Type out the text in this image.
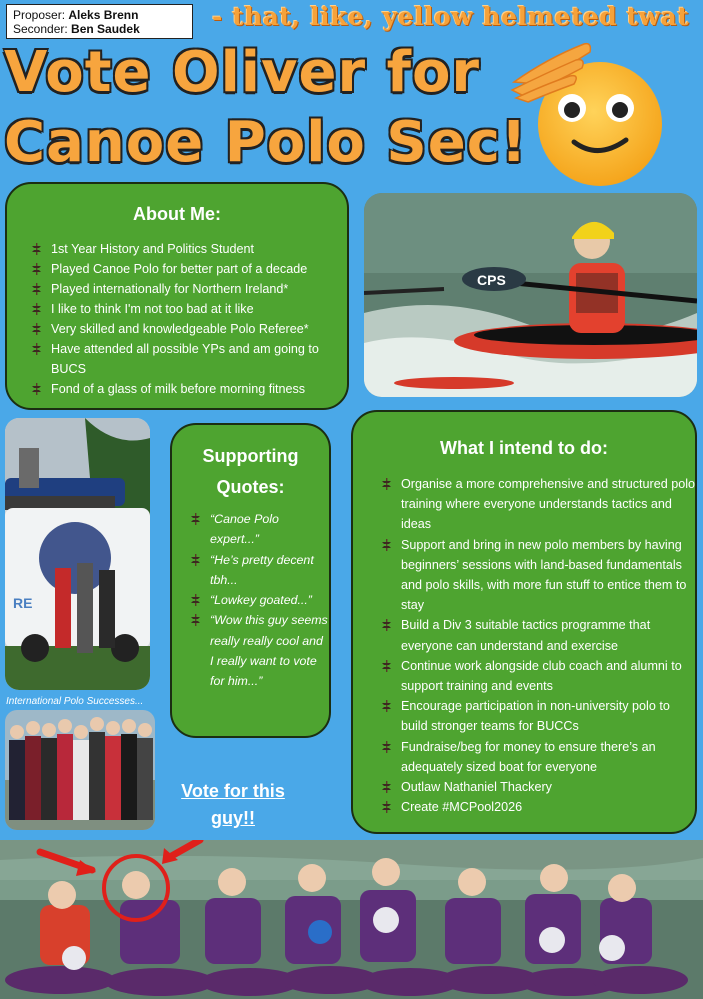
Proposer: Aleks Brenn
Seconder: Ben Saudek	- that, like, yellow helmeted twat
Vote Oliver for
Canoe Polo Sec!
About Me:
1st Year History and Politics Student
Played Canoe Polo for better part of a decade
Played internationally for Northern Ireland*
I like to think I'm not too bad at it like
Very skilled and knowledgeable Polo Referee*
Have attended all possible YPs and am going to BUCS
Fond of a glass of milk before morning fitness
CPS
RE
International Polo Successes...
Supporting
Quotes:
“Canoe Polo expert...”
“He’s pretty decent tbh...
“Lowkey goated...”
“Wow this guy seems really really cool and I really want to vote for him...”
What I intend to do:
Organise a more comprehensive and structured polo training where everyone understands tactics and ideas
Support and bring in new polo members by having beginners’ sessions with land-based fundamentals and polo skills, with more fun stuff to entice them to stay
Build a Div 3 suitable tactics programme that everyone can understand and exercise
Continue work alongside club coach and alumni to support training and events
Encourage participation in non-university polo to build stronger teams for BUCCs
Fundraise/beg for money to ensure there’s an adequately sized boat for everyone
Outlaw Nathaniel Thackery
Create #MCPool2026
Vote for this
guy!!
